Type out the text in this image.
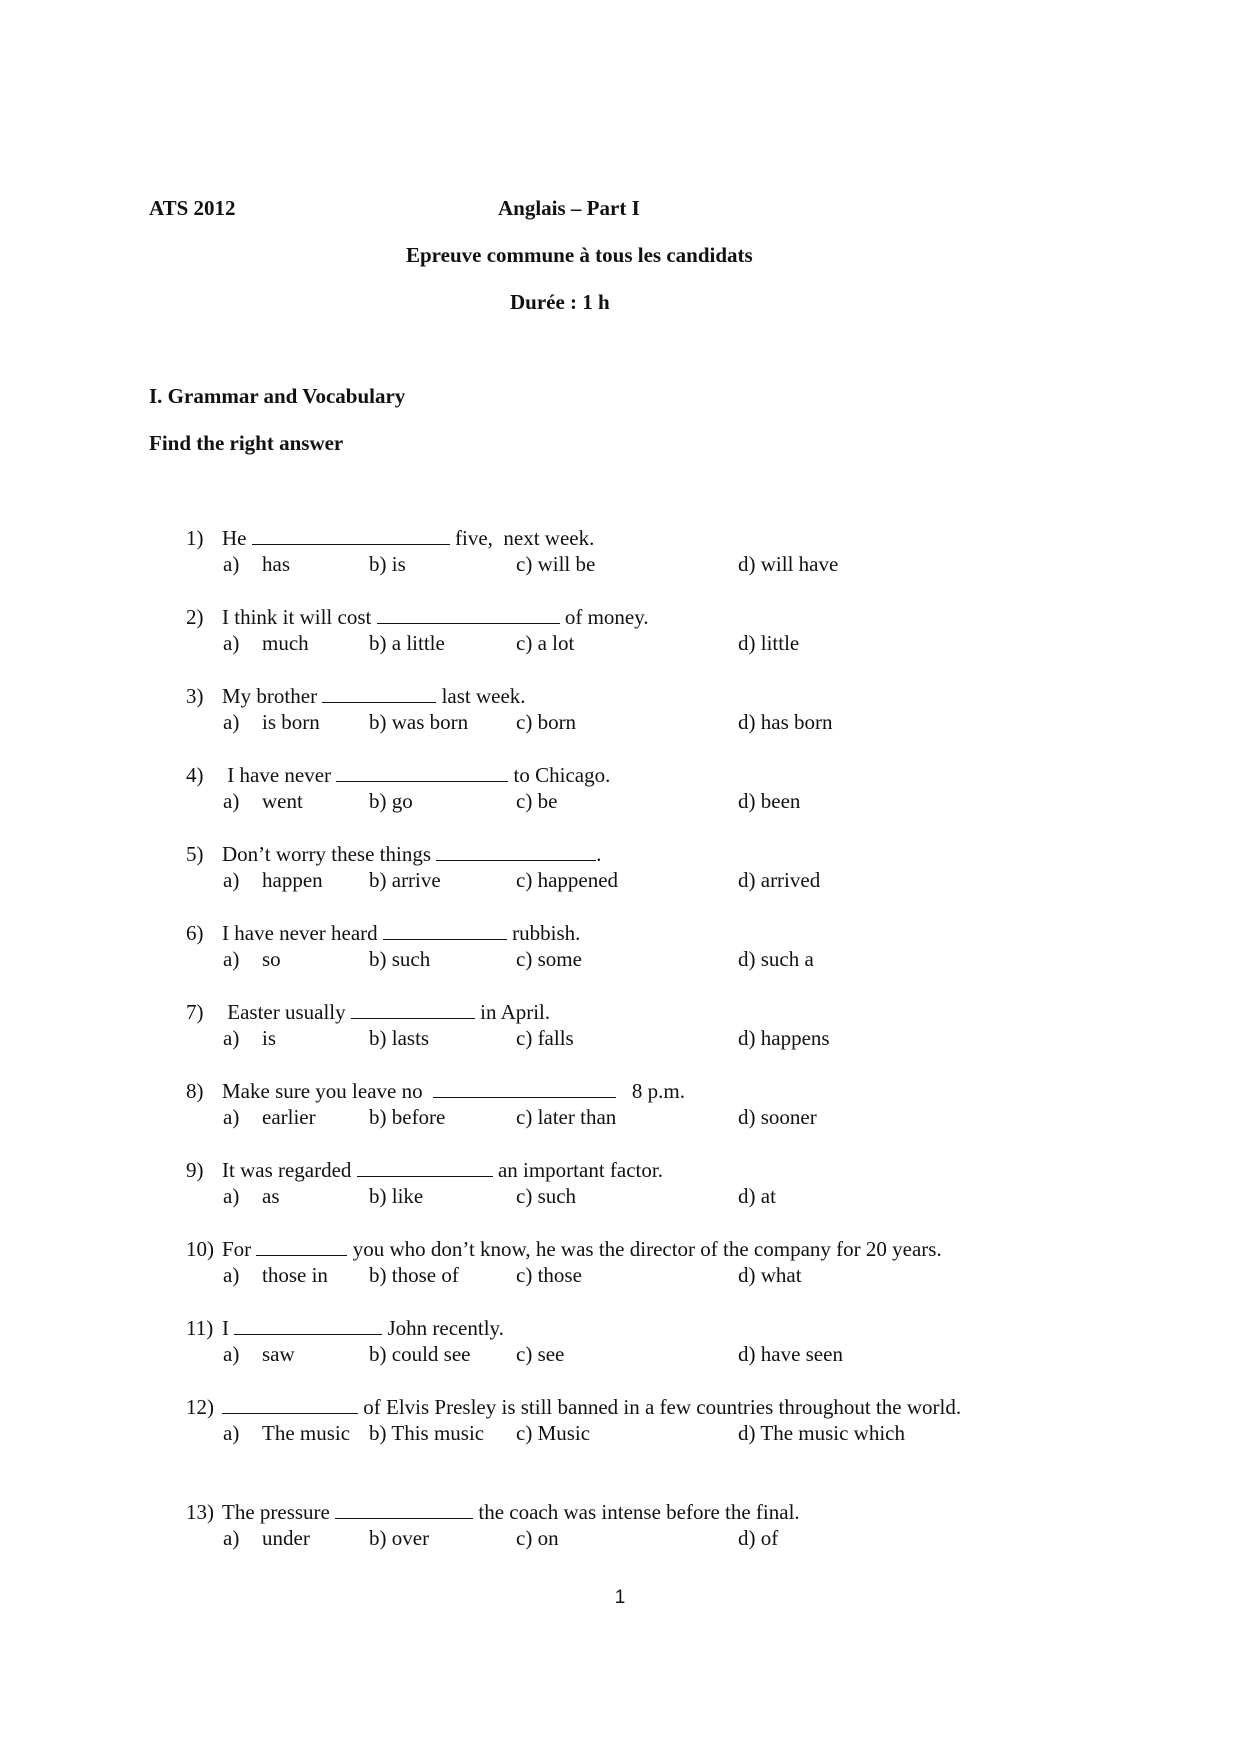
ATS 2012	Anglais – Part I
Epreuve commune à tous les candidats
Durée : 1 h
I. Grammar and Vocabulary
Find the right answer
1) He	five,  next week.
a) has	b) is	c) will be	d) will have
2) I think it will cost	of money.
a) much	b) a little	c) a lot	d) little
3) My brother	last week.
a) is born b) was born c) born	d) has born
4) I have never	to Chicago.
a) went	b) go	c) be	d) been
5) Don’t worry these things	.
a) happen b) arrive	c) happened	d) arrived
6) I have never heard	rubbish.
a) so	b) such	c) some	d) such a
7) Easter usually	in April.
a) is	b) lasts	c) falls	d) happens
8) Make sure you leave no	8 p.m.
a) earlier	b) before	c) later than	d) sooner
9) It was regarded	an important factor.
a) as	b) like	c) such	d) at
10) For	you who don’t know, he was the director of the company for 20 years.
a) those in b) those of	c) those	d) what
11) I	John recently.
a) saw	b) could see c) see	d) have seen
12)	of Elvis Presley is still banned in a few countries throughout the world.
a) The music b) This music c) Music	d) The music which
13) The pressure	the coach was intense before the final.
a) under	b) over	c) on	d) of
1
